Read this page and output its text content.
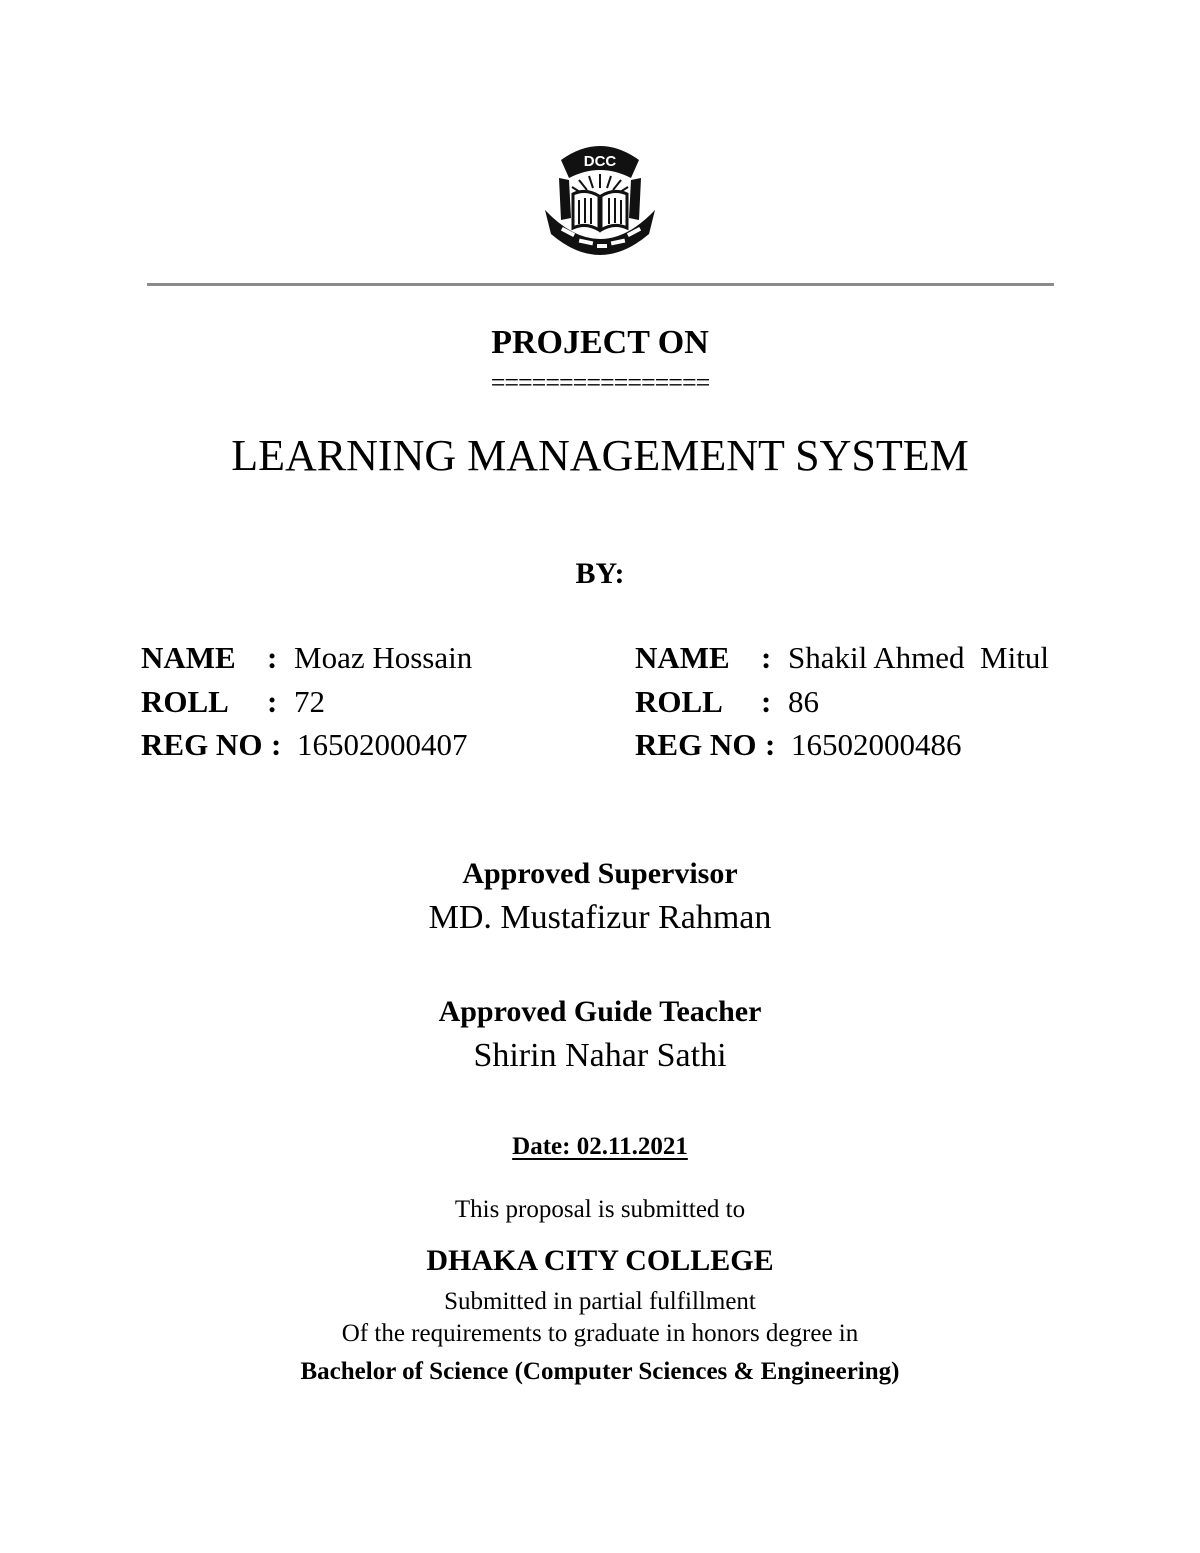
DCC
PROJECT ON
================
LEARNING MANAGEMENT SYSTEM
BY:
NAME : Moaz Hossain
ROLL : 72
REG NO : 16502000407
NAME : Shakil Ahmed  Mitul
ROLL : 86
REG NO : 16502000486
Approved Supervisor
MD. Mustafizur Rahman
Approved Guide Teacher
Shirin Nahar Sathi
Date: 02.11.2021
This proposal is submitted to
DHAKA CITY COLLEGE
Submitted in partial fulfillment
Of the requirements to graduate in honors degree in
Bachelor of Science (Computer Sciences & Engineering)
